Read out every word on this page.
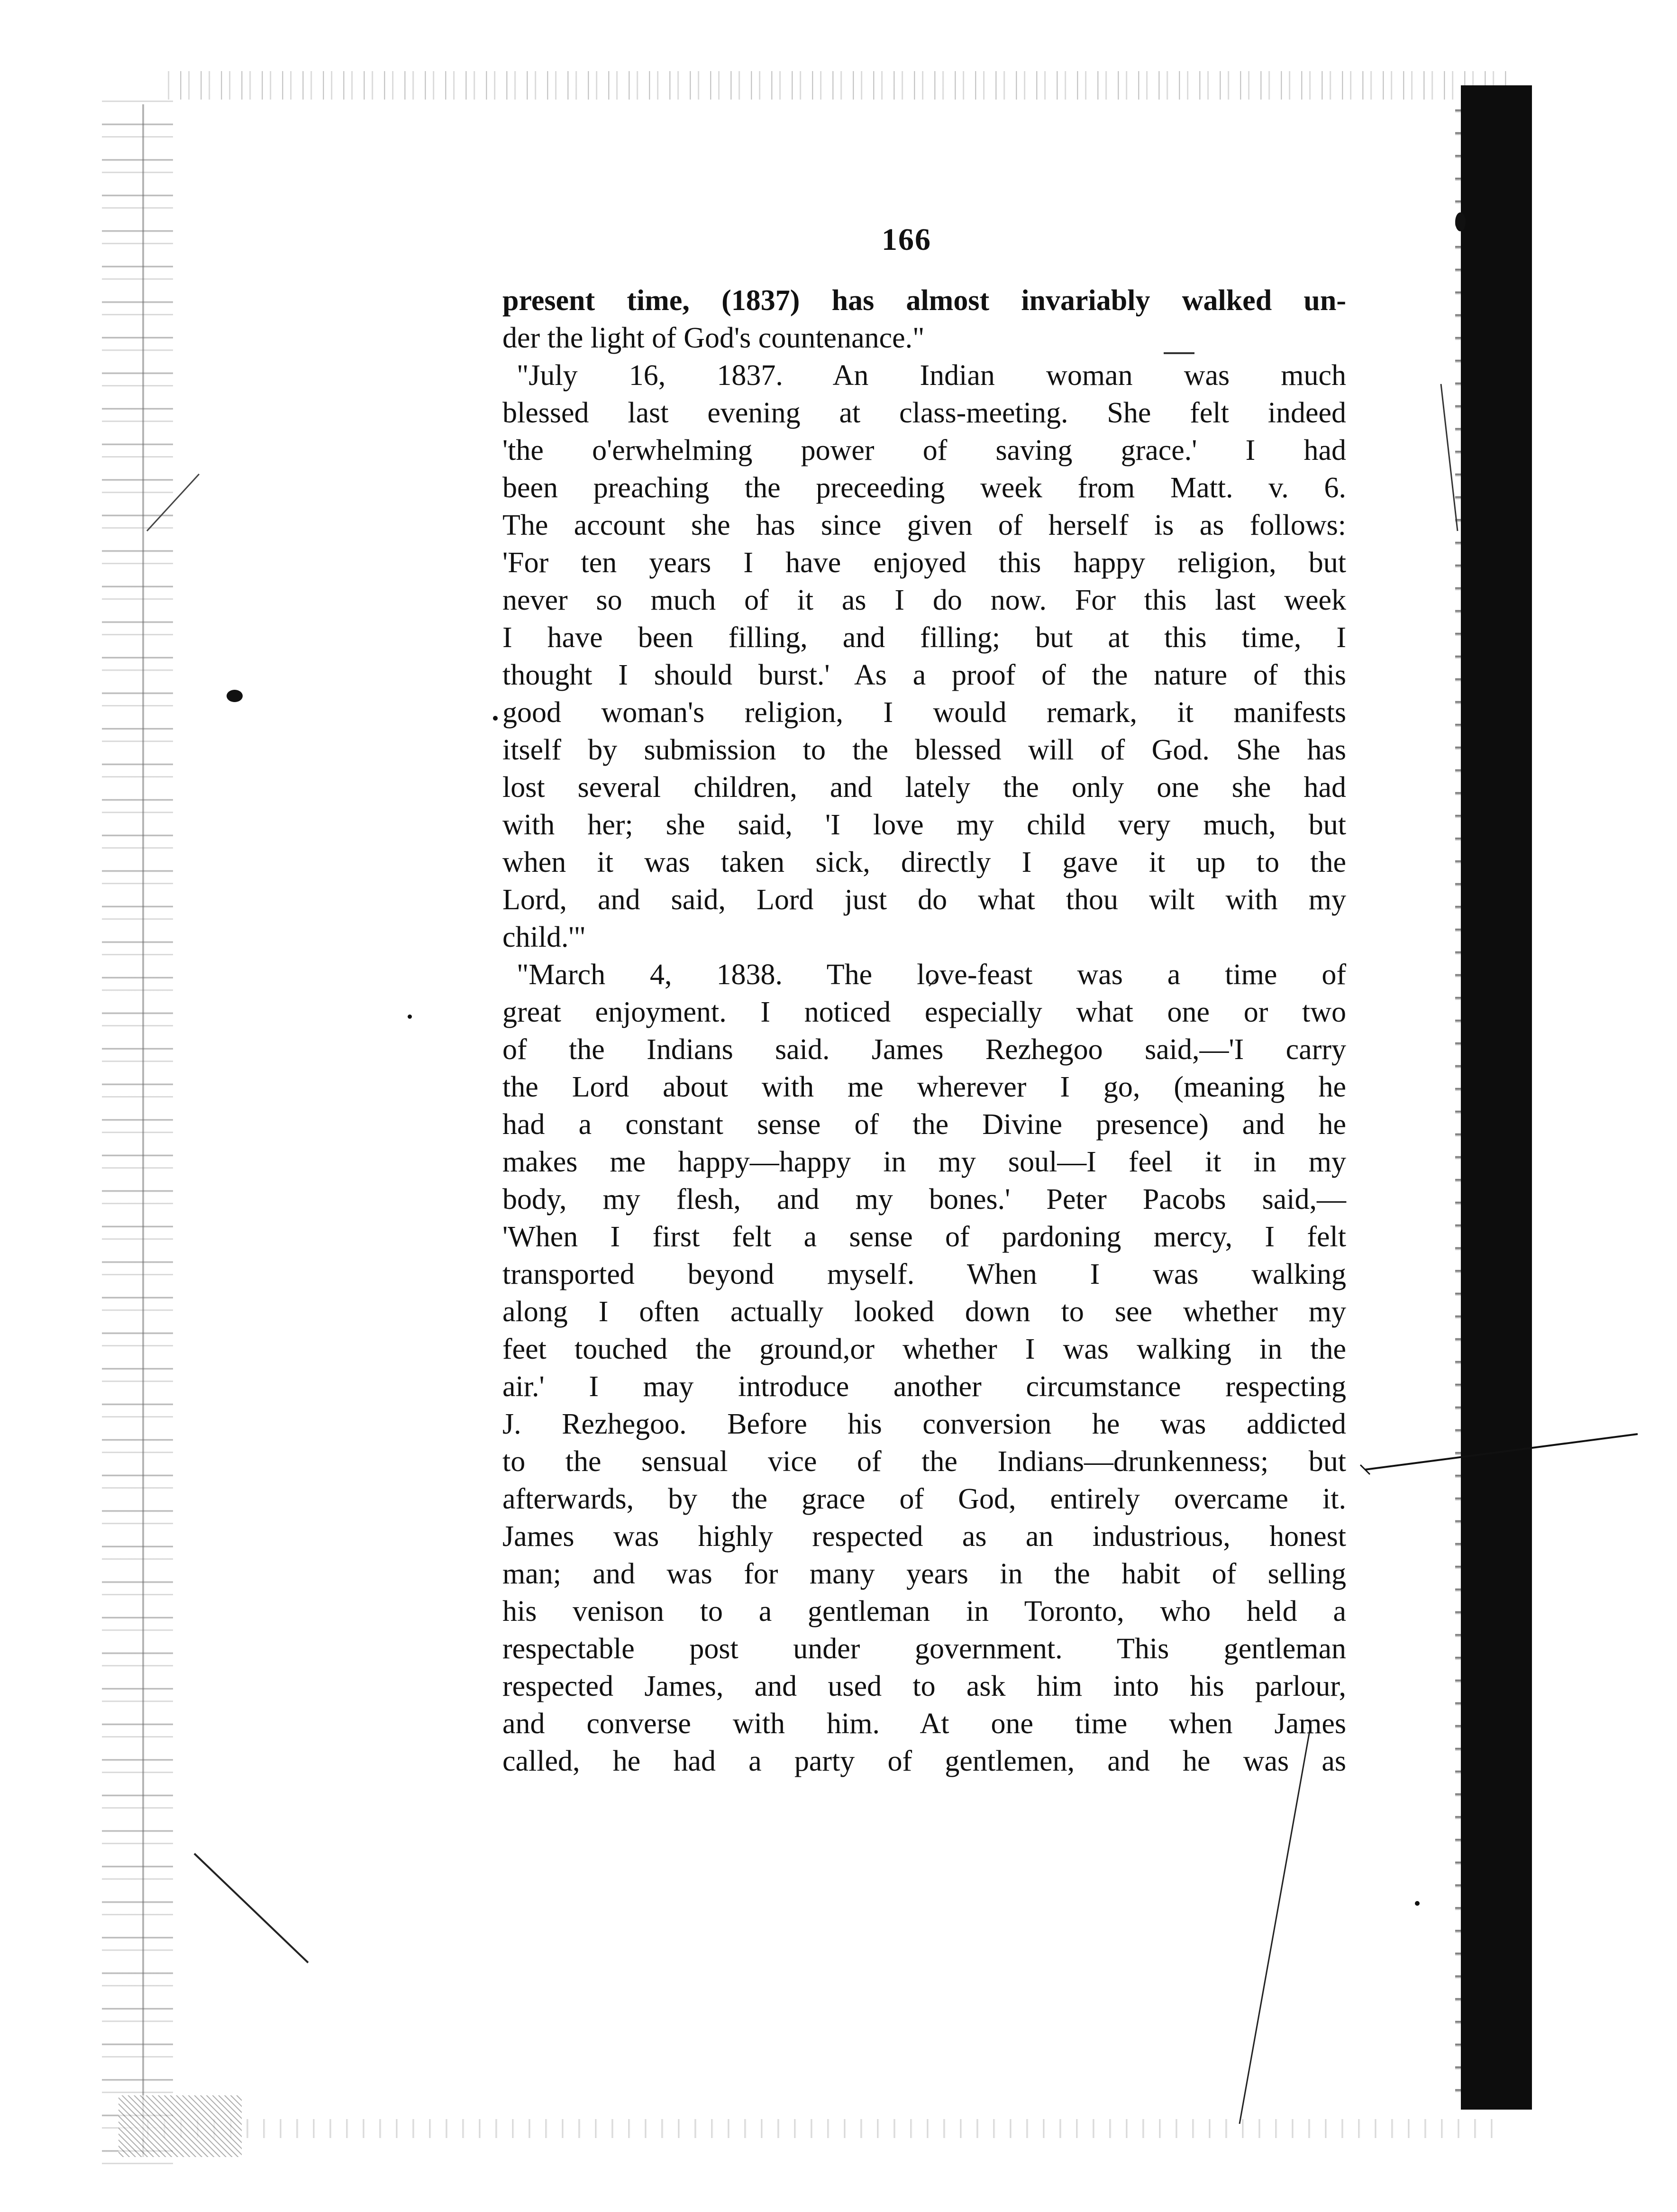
166
present time, (1837) has almost invariably walked un-
der the light of God's countenance."
"July 16, 1837. An Indian woman was much
blessed last evening at class-meeting. She felt indeed
'the o'erwhelming power of saving grace.' I had
been preaching the preceeding week from Matt. v. 6.
The account she has since given of herself is as follows:
'For ten years I have enjoyed this happy religion, but
never so much of it as I do now. For this last week
I have been filling, and filling; but at this time, I
thought I should burst.' As a proof of the nature of this
good woman's religion, I would remark, it manifests
itself by submission to the blessed will of God. She has
lost several children, and lately the only one she had
with her; she said, 'I love my child very much, but
when it was taken sick, directly I gave it up to the
Lord, and said, Lord just do what thou wilt with my
child.'"
"March 4, 1838. The love-feast was a time of
great enjoyment. I noticed especially what one or two
of the Indians said. James Rezhegoo said,—'I carry
the Lord about with me wherever I go, (meaning he
had a constant sense of the Divine presence) and he
makes me happy—happy in my soul—I feel it in my
body, my flesh, and my bones.' Peter Pacobs said,—
'When I first felt a sense of pardoning mercy, I felt
transported beyond myself. When I was walking
along I often actually looked down to see whether my
feet touched the ground,or whether I was walking in the
air.' I may introduce another circumstance respecting
J. Rezhegoo. Before his conversion he was addicted
to the sensual vice of the Indians—drunkenness; but
afterwards, by the grace of God, entirely overcame it.
James was highly respected as an industrious, honest
man; and was for many years in the habit of selling
his venison to a gentleman in Toronto, who held a
respectable post under government. This gentleman
respected James, and used to ask him into his parlour,
and converse with him. At one time when James
called, he had a party of gentlemen, and he was as
